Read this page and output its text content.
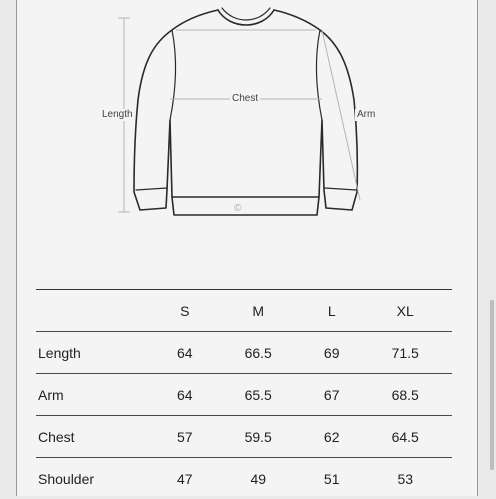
Length
Chest
Arm
©
	S	M	L	XL
Length	64	66.5	69	71.5
Arm	64	65.5	67	68.5
Chest	57	59.5	62	64.5
Shoulder	47	49	51	53
